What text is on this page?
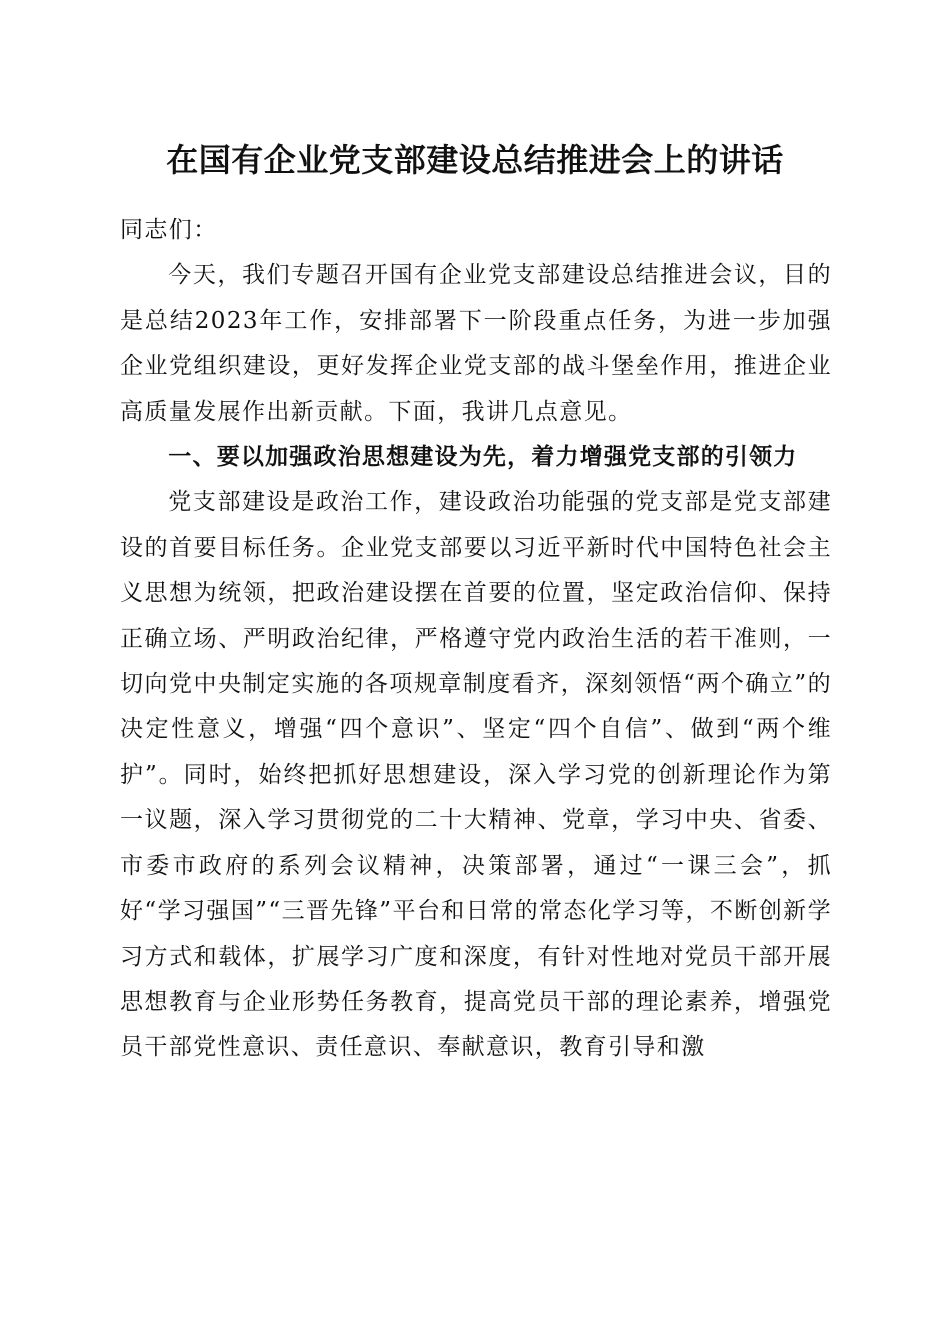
在国有企业党支部建设总结推进会上的讲话

同志们：

今天，我们专题召开国有企业党支部建设总结推进会议，目的是总结2023年工作，安排部署下一阶段重点任务，为进一步加强企业党组织建设，更好发挥企业党支部的战斗堡垒作用，推进企业高质量发展作出新贡献。下面，我讲几点意见。

一、要以加强政治思想建设为先，着力增强党支部的引领力

党支部建设是政治工作，建设政治功能强的党支部是党支部建设的首要目标任务。企业党支部要以习近平新时代中国特色社会主义思想为统领，把政治建设摆在首要的位置，坚定政治信仰、保持正确立场、严明政治纪律，严格遵守党内政治生活的若干准则，一切向党中央制定实施的各项规章制度看齐，深刻领悟“两个确立”的决定性意义，增强“四个意识”、坚定“四个自信”、做到“两个维护”。同时，始终把抓好思想建设，深入学习党的创新理论作为第一议题，深入学习贯彻党的二十大精神、党章，学习中央、省委、市委市政府的系列会议精神，决策部署，通过“一课三会”，抓好“学习强国”“三晋先锋”平台和日常的常态化学习等，不断创新学习方式和载体，扩展学习广度和深度，有针对性地对党员干部开展思想教育与企业形势任务教育，提高党员干部的理论素养，增强党员干部党性意识、责任意识、奉献意识，教育引导和激
